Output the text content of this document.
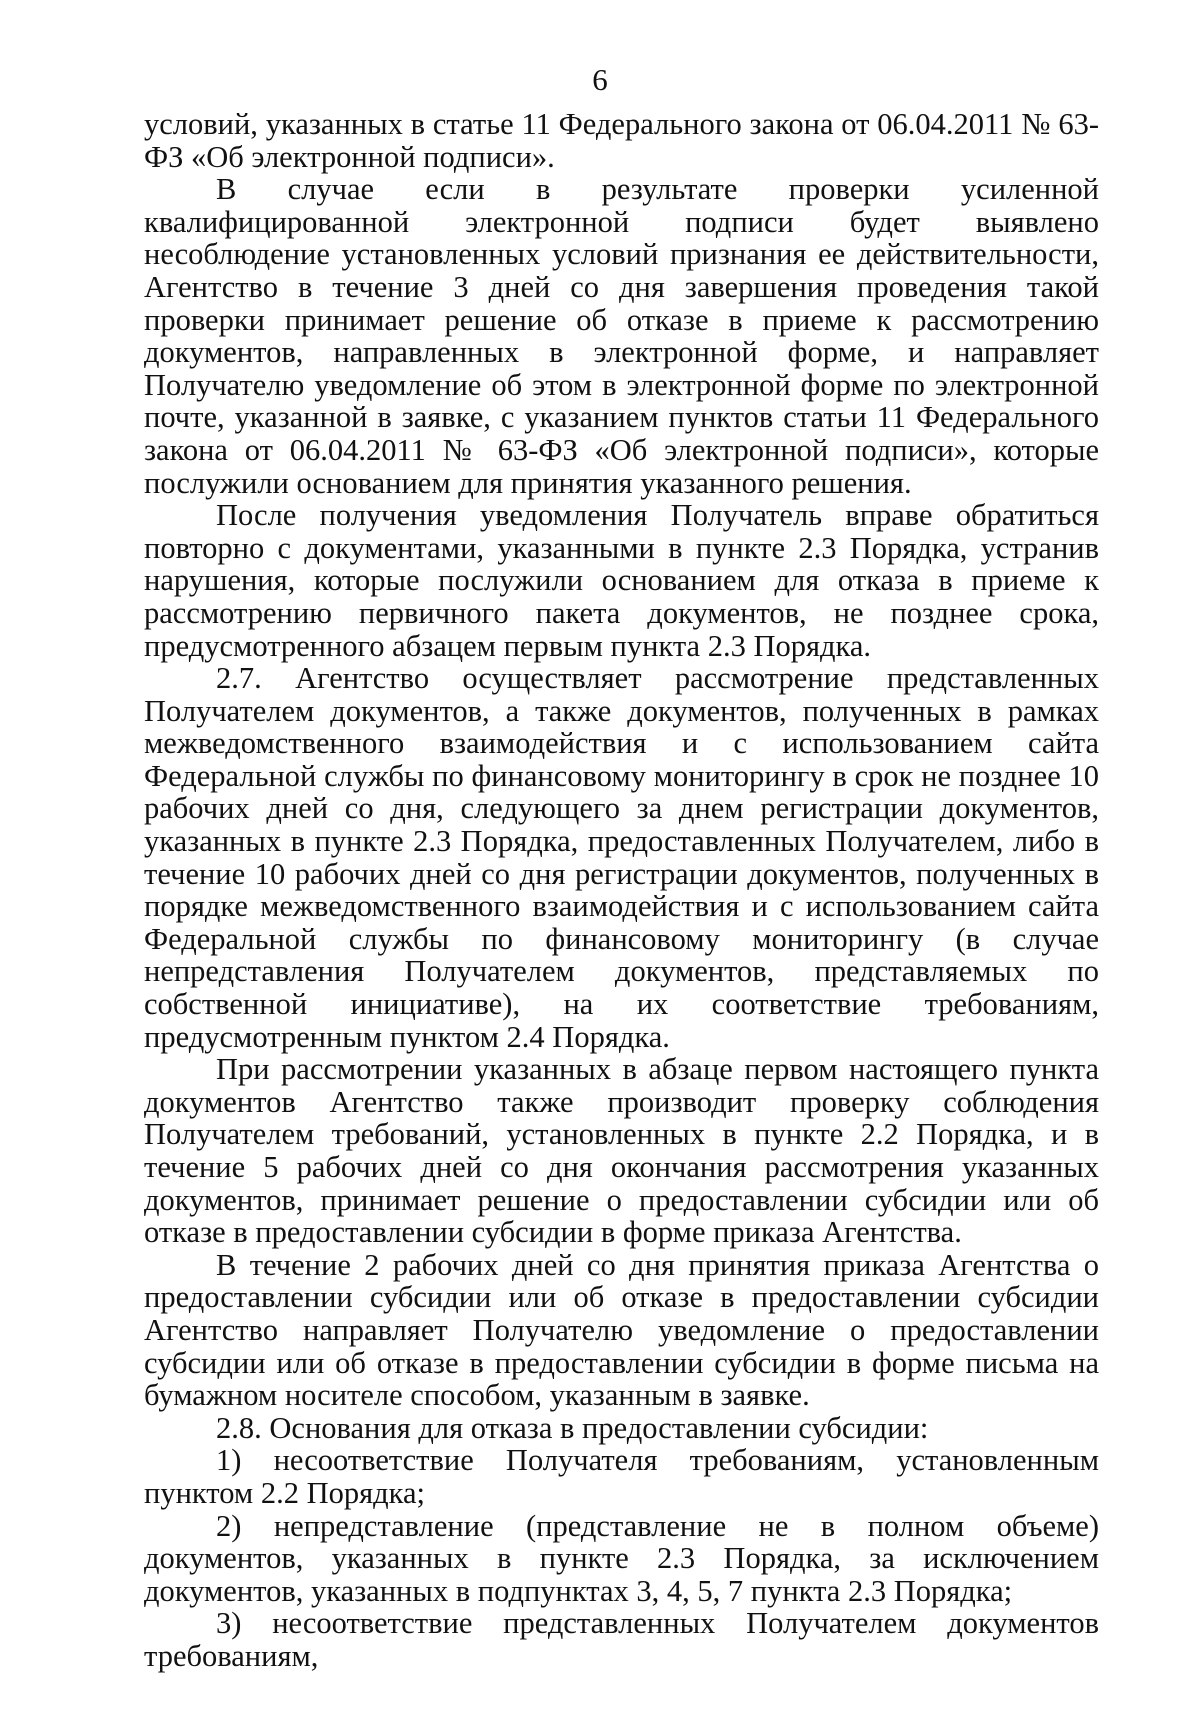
6

условий, указанных в статье 11 Федерального закона от 06.04.2011 № 63-ФЗ «Об электронной подписи».

В случае если в результате проверки усиленной квалифицированной электронной подписи будет выявлено несоблюдение установленных условий признания ее действительности, Агентство в течение 3 дней со дня завершения проведения такой проверки принимает решение об отказе в приеме к рассмотрению документов, направленных в электронной форме, и направляет Получателю уведомление об этом в электронной форме по электронной почте, указанной в заявке, с указанием пунктов статьи 11 Федерального закона от 06.04.2011 № 63-ФЗ «Об электронной подписи», которые послужили основанием для принятия указанного решения.

После получения уведомления Получатель вправе обратиться повторно с документами, указанными в пункте 2.3 Порядка, устранив нарушения, которые послужили основанием для отказа в приеме к рассмотрению первичного пакета документов, не позднее срока, предусмотренного абзацем первым пункта 2.3 Порядка.

2.7. Агентство осуществляет рассмотрение представленных Получателем документов, а также документов, полученных в рамках межведомственного взаимодействия и с использованием сайта Федеральной службы по финансовому мониторингу в срок не позднее 10 рабочих дней со дня, следующего за днем регистрации документов, указанных в пункте 2.3 Порядка, предоставленных Получателем, либо в течение 10 рабочих дней со дня регистрации документов, полученных в порядке межведомственного взаимодействия и с использованием сайта Федеральной службы по финансовому мониторингу (в случае непредставления Получателем документов, представляемых по собственной инициативе), на их соответствие требованиям, предусмотренным пунктом 2.4 Порядка.

При рассмотрении указанных в абзаце первом настоящего пункта документов Агентство также производит проверку соблюдения Получателем требований, установленных в пункте 2.2 Порядка, и в течение 5 рабочих дней со дня окончания рассмотрения указанных документов, принимает решение о предоставлении субсидии или об отказе в предоставлении субсидии в форме приказа Агентства.

В течение 2 рабочих дней со дня принятия приказа Агентства о предоставлении субсидии или об отказе в предоставлении субсидии Агентство направляет Получателю уведомление о предоставлении субсидии или об отказе в предоставлении субсидии в форме письма на бумажном носителе способом, указанным в заявке.

2.8. Основания для отказа в предоставлении субсидии:

1) несоответствие Получателя требованиям, установленным пунктом 2.2 Порядка;

2) непредставление (представление не в полном объеме) документов, указанных в пункте 2.3 Порядка, за исключением документов, указанных в подпунктах 3, 4, 5, 7 пункта 2.3 Порядка;

3) несоответствие представленных Получателем документов требованиям,
